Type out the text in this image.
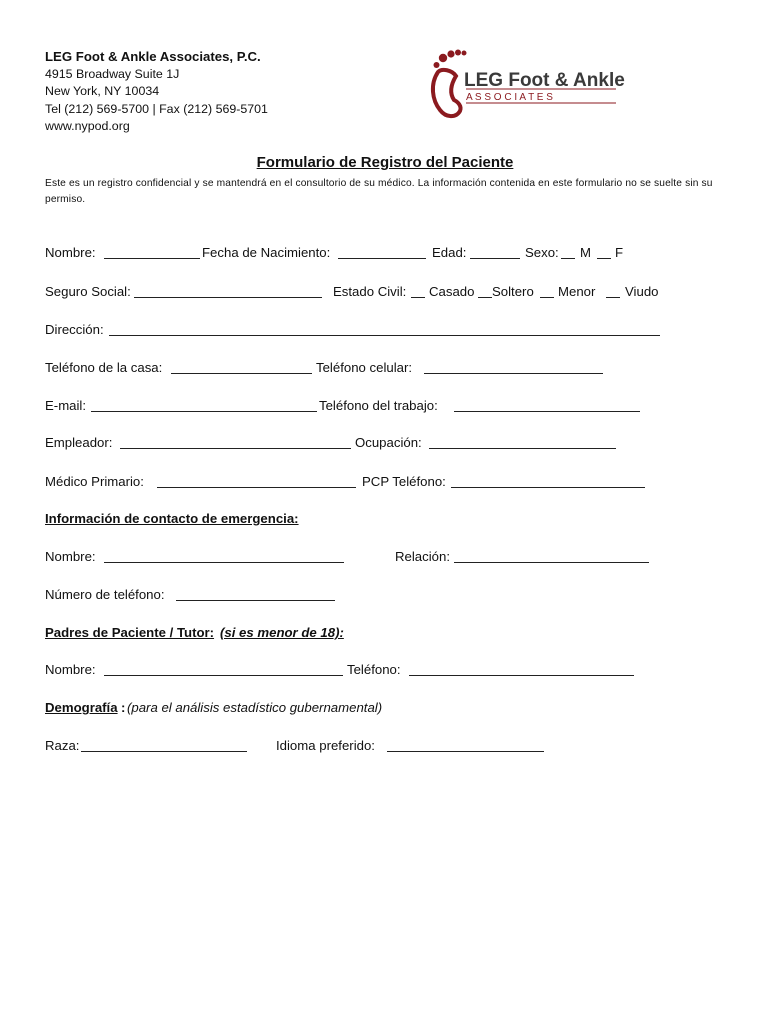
LEG Foot & Ankle Associates, P.C.
4915 Broadway Suite 1J
New York, NY 10034
Tel (212) 569-5700 | Fax (212) 569-5701
www.nypod.org
LEG Foot & Ankle
A S S O C I A T E S
Formulario de Registro del Paciente
Este es un registro confidencial y se mantendrá en el consultorio de su médico. La información contenida en este formulario no se suelte sin su permiso.
Nombre:	Fecha de Nacimiento:	Edad:	Sexo: M F
Seguro Social:	Estado Civil: Casado Soltero Menor Viudo
Dirección:
Teléfono de la casa:	Teléfono celular:
E-mail:	Teléfono del trabajo:
Empleador:	Ocupación:
Médico Primario:	PCP Teléfono:
Información de contacto de emergencia:
Nombre:	Relación:
Número de teléfono:
Padres de Paciente / Tutor: (si es menor de 18):
Nombre:	Teléfono:
Demografía : (para el análisis estadístico gubernamental)
Raza:	Idioma preferido:
